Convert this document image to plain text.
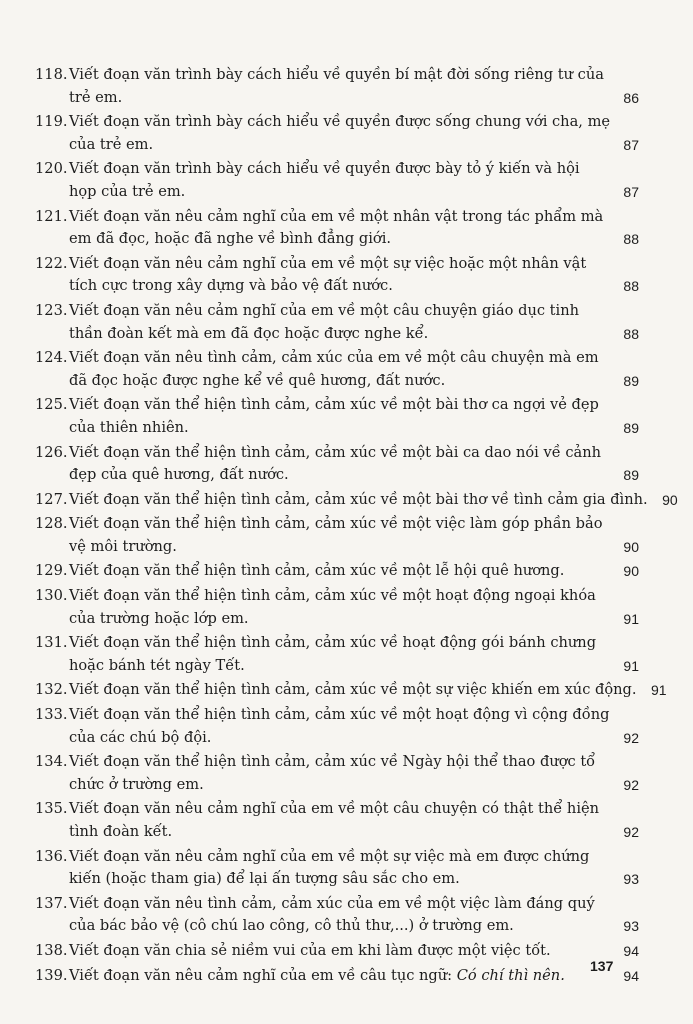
118. Viết đoạn văn trình bày cách hiểu về quyền bí mật đời sống riêng tư của
trẻ em.	86
119. Viết đoạn văn trình bày cách hiểu về quyền được sống chung với cha, mẹ
của trẻ em.	87
120. Viết đoạn văn trình bày cách hiểu về quyền được bày tỏ ý kiến và hội
họp của trẻ em.	87
121. Viết đoạn văn nêu cảm nghĩ của em về một nhân vật trong tác phẩm mà
em đã đọc, hoặc đã nghe về bình đẳng giới.	88
122. Viết đoạn văn nêu cảm nghĩ của em về một sự việc hoặc một nhân vật
tích cực trong xây dựng và bảo vệ đất nước.	88
123. Viết đoạn văn nêu cảm nghĩ của em về một câu chuyện giáo dục tinh
thần đoàn kết mà em đã đọc hoặc được nghe kể.	88
124. Viết đoạn văn nêu tình cảm, cảm xúc của em về một câu chuyện mà em
đã đọc hoặc được nghe kể về quê hương, đất nước.	89
125. Viết đoạn văn thể hiện tình cảm, cảm xúc về một bài thơ ca ngợi vẻ đẹp
của thiên nhiên.	89
126. Viết đoạn văn thể hiện tình cảm, cảm xúc về một bài ca dao nói về cảnh
đẹp của quê hương, đất nước.	89
127. Viết đoạn văn thể hiện tình cảm, cảm xúc về một bài thơ về tình cảm gia đình.	90
128. Viết đoạn văn thể hiện tình cảm, cảm xúc về một việc làm góp phần bảo
vệ môi trường.	90
129. Viết đoạn văn thể hiện tình cảm, cảm xúc về một lễ hội quê hương.	90
130. Viết đoạn văn thể hiện tình cảm, cảm xúc về một hoạt động ngoại khóa
của trường hoặc lớp em.	91
131. Viết đoạn văn thể hiện tình cảm, cảm xúc về hoạt động gói bánh chưng
hoặc bánh tét ngày Tết.	91
132. Viết đoạn văn thể hiện tình cảm, cảm xúc về một sự việc khiến em xúc động.	91
133. Viết đoạn văn thể hiện tình cảm, cảm xúc về một hoạt động vì cộng đồng
của các chú bộ đội.	92
134. Viết đoạn văn thể hiện tình cảm, cảm xúc về Ngày hội thể thao được tổ
chức ở trường em.	92
135. Viết đoạn văn nêu cảm nghĩ của em về một câu chuyện có thật thể hiện
tình đoàn kết.	92
136. Viết đoạn văn nêu cảm nghĩ của em về một sự việc mà em được chứng
kiến (hoặc tham gia) để lại ấn tượng sâu sắc cho em.	93
137. Viết đoạn văn nêu tình cảm, cảm xúc của em về một việc làm đáng quý
của bác bảo vệ (cô chú lao công, cô thủ thư,...) ở trường em.	93
138. Viết đoạn văn chia sẻ niềm vui của em khi làm được một việc tốt.	94
139. Viết đoạn văn nêu cảm nghĩ của em về câu tục ngữ: Có chí thì nên.	94
137
